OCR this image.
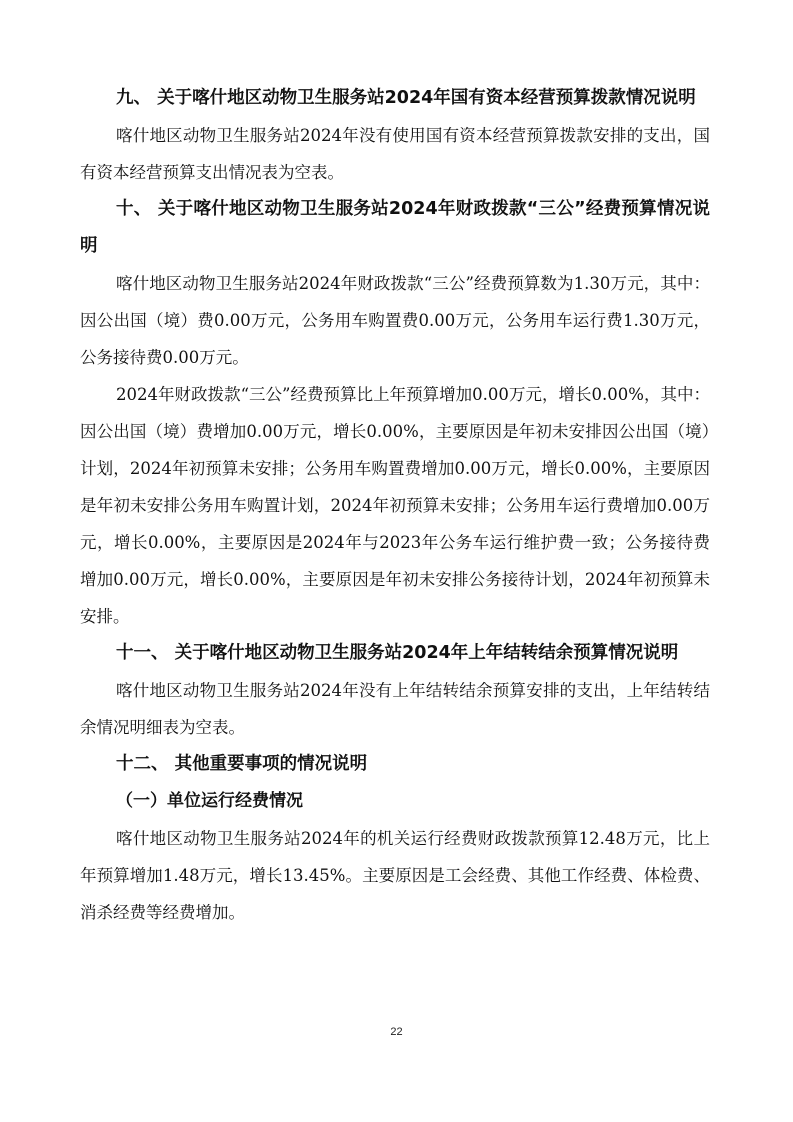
九、 关于喀什地区动物卫生服务站2024年国有资本经营预算拨款情况说明

喀什地区动物卫生服务站2024年没有使用国有资本经营预算拨款安排的支出，国有资本经营预算支出情况表为空表。

十、 关于喀什地区动物卫生服务站2024年财政拨款“三公”经费预算情况说明

喀什地区动物卫生服务站2024年财政拨款“三公”经费预算数为1.30万元，其中：因公出国（境）费0.00万元，公务用车购置费0.00万元，公务用车运行费1.30万元，公务接待费0.00万元。

2024年财政拨款“三公”经费预算比上年预算增加0.00万元，增长0.00%，其中：因公出国（境）费增加0.00万元，增长0.00%，主要原因是年初未安排因公出国（境）计划，2024年初预算未安排；公务用车购置费增加0.00万元，增长0.00%，主要原因是年初未安排公务用车购置计划，2024年初预算未安排；公务用车运行费增加0.00万元，增长0.00%，主要原因是2024年与2023年公务车运行维护费一致；公务接待费增加0.00万元，增长0.00%，主要原因是年初未安排公务接待计划，2024年初预算未安排。

十一、 关于喀什地区动物卫生服务站2024年上年结转结余预算情况说明

喀什地区动物卫生服务站2024年没有上年结转结余预算安排的支出，上年结转结余情况明细表为空表。

十二、 其他重要事项的情况说明

（一）单位运行经费情况

喀什地区动物卫生服务站2024年的机关运行经费财政拨款预算12.48万元，比上年预算增加1.48万元，增长13.45%。主要原因是工会经费、其他工作经费、体检费、消杀经费等经费增加。

22
